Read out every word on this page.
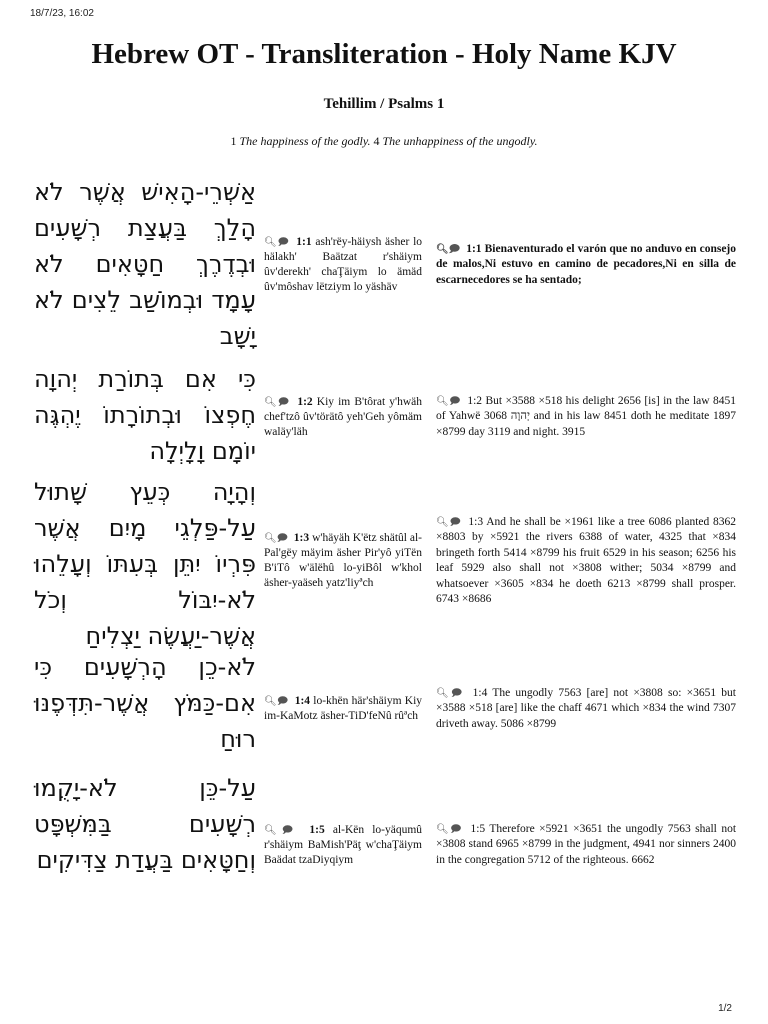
18/7/23, 16:02
Hebrew OT - Transliteration - Holy Name KJV
Tehillim / Psalms 1
1 The happiness of the godly. 4 The unhappiness of the ungodly.
אַשְׁרֵי-הָאִישׁ אֲשֶׁר לֹא הָלַךְ בַּעֲצַת רְשָׁעִים וּבְדֶרֶךְ חַטָּאִים לֹא עָמָד וּבְמוֹשַׁב לֵצִים לֹא יָשָׁב
🔍︎🗩 1:1 ash'rëy-häiysh äsher lo hälakh' Baätzat r'shäiym ûv'derekh' chaŢäiym lo ämäd ûv'môshav lëtziym lo yäshäv
🔍︎🗩 1:1 Bienaventurado el varón que no anduvo en consejo de malos,Ni estuvo en camino de pecadores,Ni en silla de escarnecedores se ha sentado;
כִּי אִם בְּתוֹרַת יְהוָה חֶפְצוֹ וּבְתוֹרָתוֹ יֶהְגֶּה יוֹמָם וָלָיְלָה
🔍︎🗩 1:2 Kiy im B'tôrat y'hwäh chef'tzô ûv'törätô yeh'Geh yômäm waläy'läh
🔍︎🗩 1:2 But ×3588 ×518 his delight 2656 [is] in the law 8451 of Yahwë 3068 יְהוָה and in his law 8451 doth he meditate 1897 ×8799 day 3119 and night. 3915
וְהָיָה כְּעֵץ שָׁתוּל עַל-פַּלְגֵי מָיִם אֲשֶׁר פִּרְיוֹ יִתֵּן בְּעִתּוֹ וְעָלֵהוּ לֹא-יִבּוֹל וְכֹל אֲשֶׁר-יַעֲשֶׂה יַצְלִיחַ
🔍︎🗩 1:3 w'häyäh K'ëtz shätûl al-Pal'gëy mäyim äsher Pir'yô yiTën B'iTô w'älëhû lo-yiBôl w'khol äsher-yaäseh yatz'liyªch
🔍︎🗩 1:3 And he shall be ×1961 like a tree 6086 planted 8362 ×8803 by ×5921 the rivers 6388 of water, 4325 that ×834 bringeth forth 5414 ×8799 his fruit 6529 in his season; 6256 his leaf 5929 also shall not ×3808 wither; 5034 ×8799 and whatsoever ×3605 ×834 he doeth 6213 ×8799 shall prosper. 6743 ×8686
לֹא-כֵן הָרְשָׁעִים כִּי אִם-כַּמֹּץ אֲשֶׁר-תִּדְּפֶנּוּ רוּחַ
🔍︎🗩 1:4 lo-khën här'shäiym Kiy im-KaMotz äsher-TiD'feNû rûªch
🔍︎🗩 1:4 The ungodly 7563 [are] not ×3808 so: ×3651 but ×3588 ×518 [are] like the chaff 4671 which ×834 the wind 7307 driveth away. 5086 ×8799
עַל-כֵּן לֹא-יָקֻמוּ רְשָׁעִים בַּמִּשְׁפָּט וְחַטָּאִים בַּעֲדַת צַדִּיקִים
🔍︎🗩 1:5 al-Kën lo-yäqumû r'shäiym BaMish'Päţ w'chaŢäiym Baädat tzaDiyqiym
🔍︎🗩 1:5 Therefore ×5921 ×3651 the ungodly 7563 shall not ×3808 stand 6965 ×8799 in the judgment, 4941 nor sinners 2400 in the congregation 5712 of the righteous. 6662
1/2
